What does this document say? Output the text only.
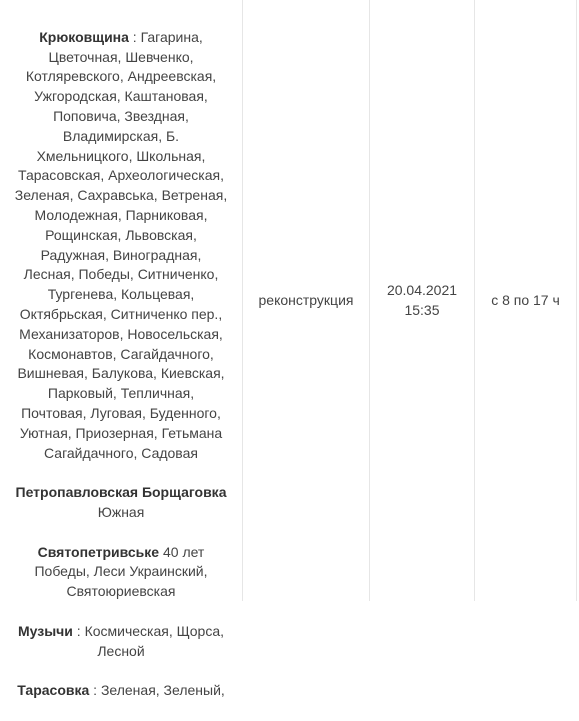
Крюковщина : Гагарина,
Цветочная, Шевченко,
Котляревского, Андреевская,
Ужгородская, Каштановая,
Поповича, Звездная,
Владимирская, Б.
Хмельницкого, Школьная,
Тарасовская, Археологическая,
Зеленая, Сахравська, Ветреная,
Молодежная, Парниковая,
Рощинская, Львовская,
Радужная, Виноградная,
Лесная, Победы, Ситниченко,
Тургенева, Кольцевая,
Октябрьская, Ситниченко пер.,
Механизаторов, Новосельская,
Космонавтов, Сагайдачного,
Вишневая, Балукова, Киевская,
Парковый, Тепличная,
Почтовая, Луговая, Буденного,
Уютная, Приозерная, Гетьмана
Сагайдачного, Садовая

Петропавловская Борщаговка
Южная

Святопетривське 40 лет
Победы, Леси Украинский,
Святоюриевская

Музычи : Космическая, Щорса,
Лесной

Тарасовка : Зеленая, Зеленый,

реконструкция
20.04.2021
15:35
с 8 по 17 ч
